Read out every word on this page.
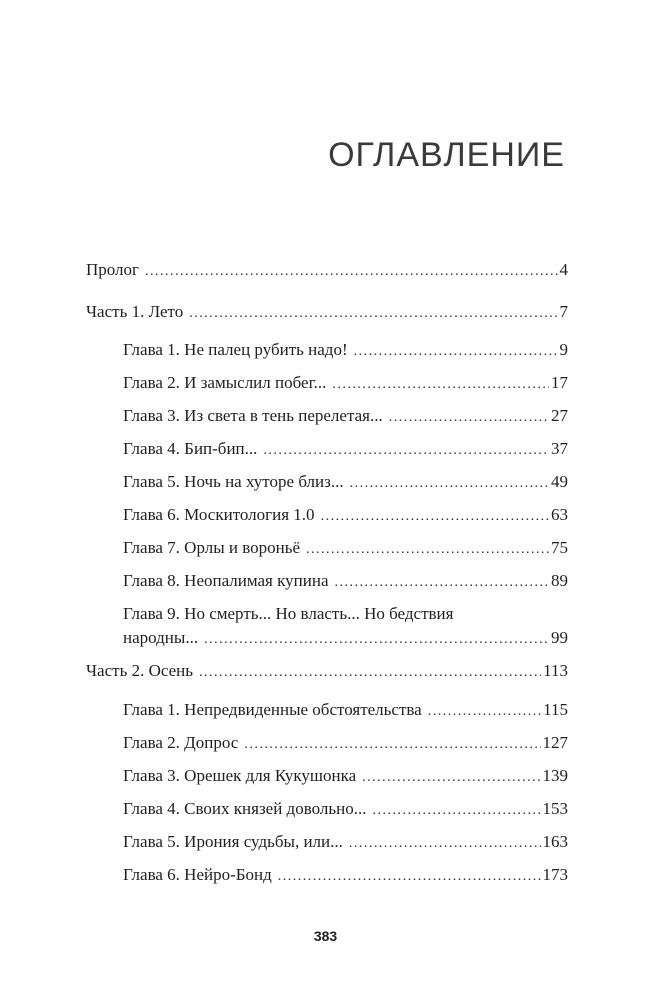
ОГЛАВЛЕНИЕ
Пролог .....	4
Часть 1. Лето .....	7
Глава 1. Не палец рубить надо! .....	9
Глава 2. И замыслил побег... .....	17
Глава 3. Из света в тень перелетая... .....	27
Глава 4. Бип-бип... .....	37
Глава 5. Ночь на хуторе близ... .....	49
Глава 6. Москитология 1.0 .....	63
Глава 7. Орлы и вороньё .....	75
Глава 8. Неопалимая купина .....	89
Глава 9. Но смерть... Но власть... Но бедствия
народны... .....	99
Часть 2. Осень .....	113
Глава 1. Непредвиденные обстоятельства .....	115
Глава 2. Допрос .....	127
Глава 3. Орешек для Кукушонка .....	139
Глава 4. Своих князей довольно... .....	153
Глава 5. Ирония судьбы, или... .....	163
Глава 6. Нейро-Бонд .....	173
383
